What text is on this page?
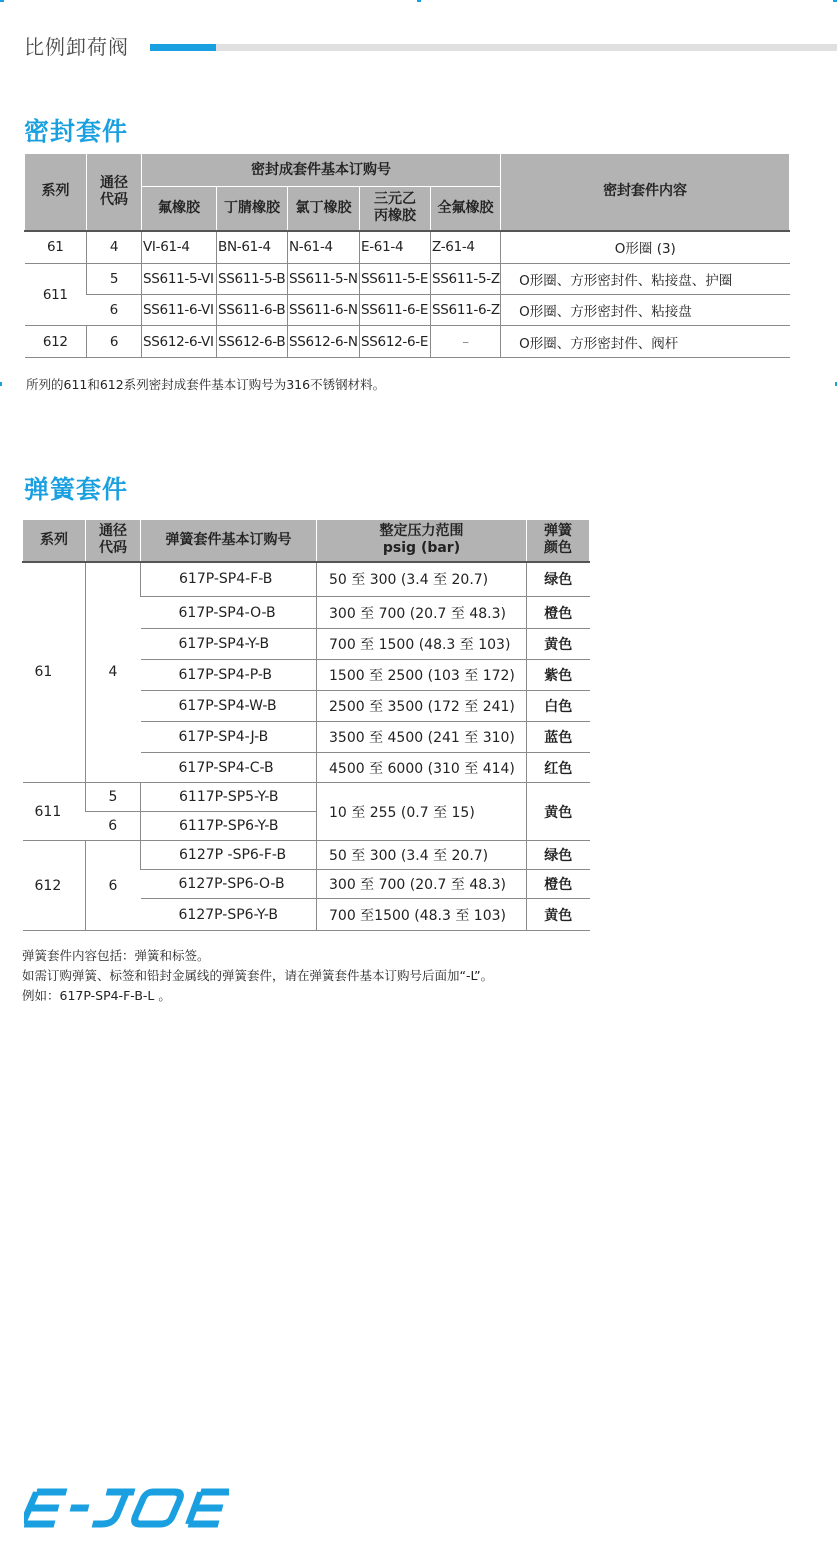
比例卸荷阀
密封套件
系列	通径
代码	密封成套件基本订购号					密封套件内容
		氟橡胶	丁腈橡胶	氯丁橡胶	三元乙
丙橡胶	全氟橡胶	
61	4	VI-61-4	BN-61-4	N-61-4	E-61-4	Z-61-4	O形圈 (3)
611	5	SS611-5-VI	SS611-5-B	SS611-5-N	SS611-5-E	SS611-5-Z	O形圈、方形密封件、粘接盘、护圈
	6	SS611-6-VI	SS611-6-B	SS611-6-N	SS611-6-E	SS611-6-Z	O形圈、方形密封件、粘接盘
612	6	SS612-6-VI	SS612-6-B	SS612-6-N	SS612-6-E	–	O形圈、方形密封件、阀杆
所列的611和612系列密封成套件基本订购号为316不锈钢材料。
弹簧套件
系列	通径
代码	弹簧套件基本订购号	整定压力范围
psig (bar)	弹簧
颜色
61	4	617P-SP4-F-B	50 至 300 (3.4 至 20.7)	绿色
		617P-SP4-O-B	300 至 700 (20.7 至 48.3)	橙色
		617P-SP4-Y-B	700 至 1500 (48.3 至 103)	黄色
		617P-SP4-P-B	1500 至 2500 (103 至 172)	紫色
		617P-SP4-W-B	2500 至 3500 (172 至 241)	白色
		617P-SP4-J-B	3500 至 4500 (241 至 310)	蓝色
		617P-SP4-C-B	4500 至 6000 (310 至 414)	红色
611	5	6117P-SP5-Y-B	10 至 255 (0.7 至 15)	黄色
	6	6117P-SP6-Y-B		
612	6	6127P -SP6-F-B	50 至 300 (3.4 至 20.7)	绿色
		6127P-SP6-O-B	300 至 700 (20.7 至 48.3)	橙色
		6127P-SP6-Y-B	700 至1500 (48.3 至 103)	黄色
弹簧套件内容包括：弹簧和标签。
如需订购弹簧、标签和铅封金属线的弹簧套件，请在弹簧套件基本订购号后面加“-L”。
例如：617P-SP4-F-B-L 。
